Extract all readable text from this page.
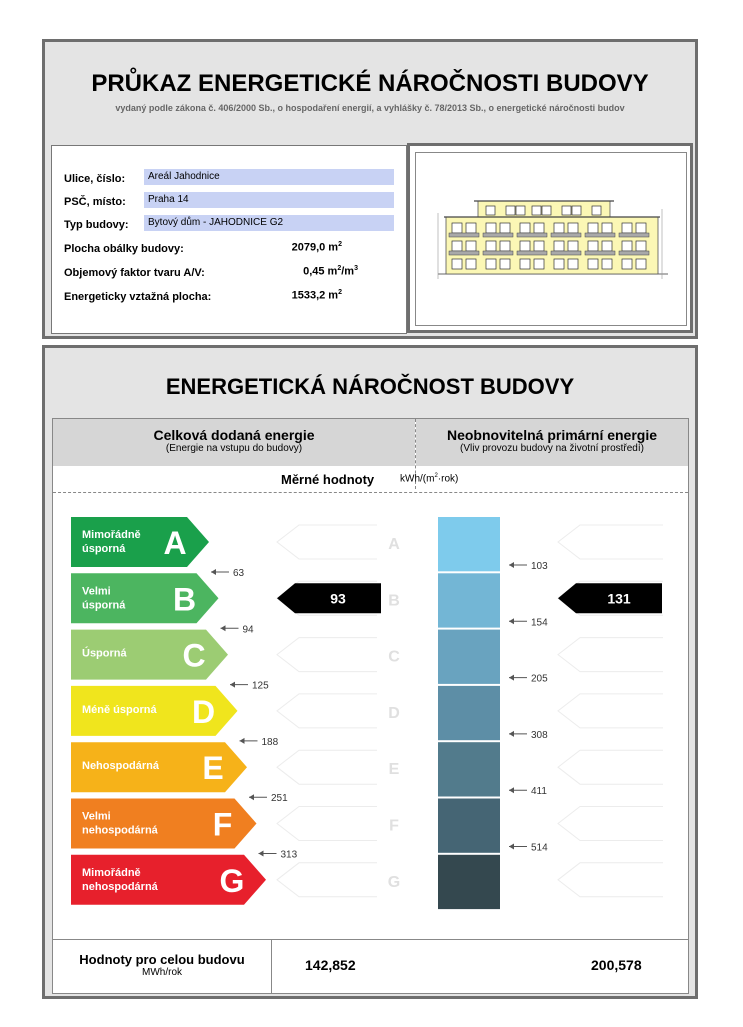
PRŮKAZ ENERGETICKÉ NÁROČNOSTI BUDOVY
vydaný podle zákona č. 406/2000 Sb., o hospodaření energií, a vyhlášky č. 78/2013 Sb., o energetické náročnosti budov
Ulice, číslo:	Areál Jahodnice
PSČ, místo:	Praha 14
Typ budovy:	Bytový dům - JAHODNICE G2
Plocha obálky budovy:	2079,0 $m^2$
Objemový faktor tvaru A/V:	0,45 $m^2/m^3$
Energeticky vztažná plocha:	1533,2 $m^2$
ENERGETICKÁ NÁROČNOST BUDOVY
Celková dodaná energie
(Energie na vstupu do budovy)
Neobnovitelná primární energie
(Vliv provozu budovy na životní prostředí)
Měrné hodnoty	kWh/$(m^2\cdot rok)$
Mimořádně
úsporná A	A
Velmi
úsporná B	B
Úsporná C	C
Méně úsporná D	D
Nehospodárná E	E
Velmi
nehospodárná F	F
Mimořádně
nehospodárná G	G
63
94
125
188
251
313
103
154
205
308
411
514
93	131
Hodnoty pro celou budovu
MWh/rok	142,852	200,578
